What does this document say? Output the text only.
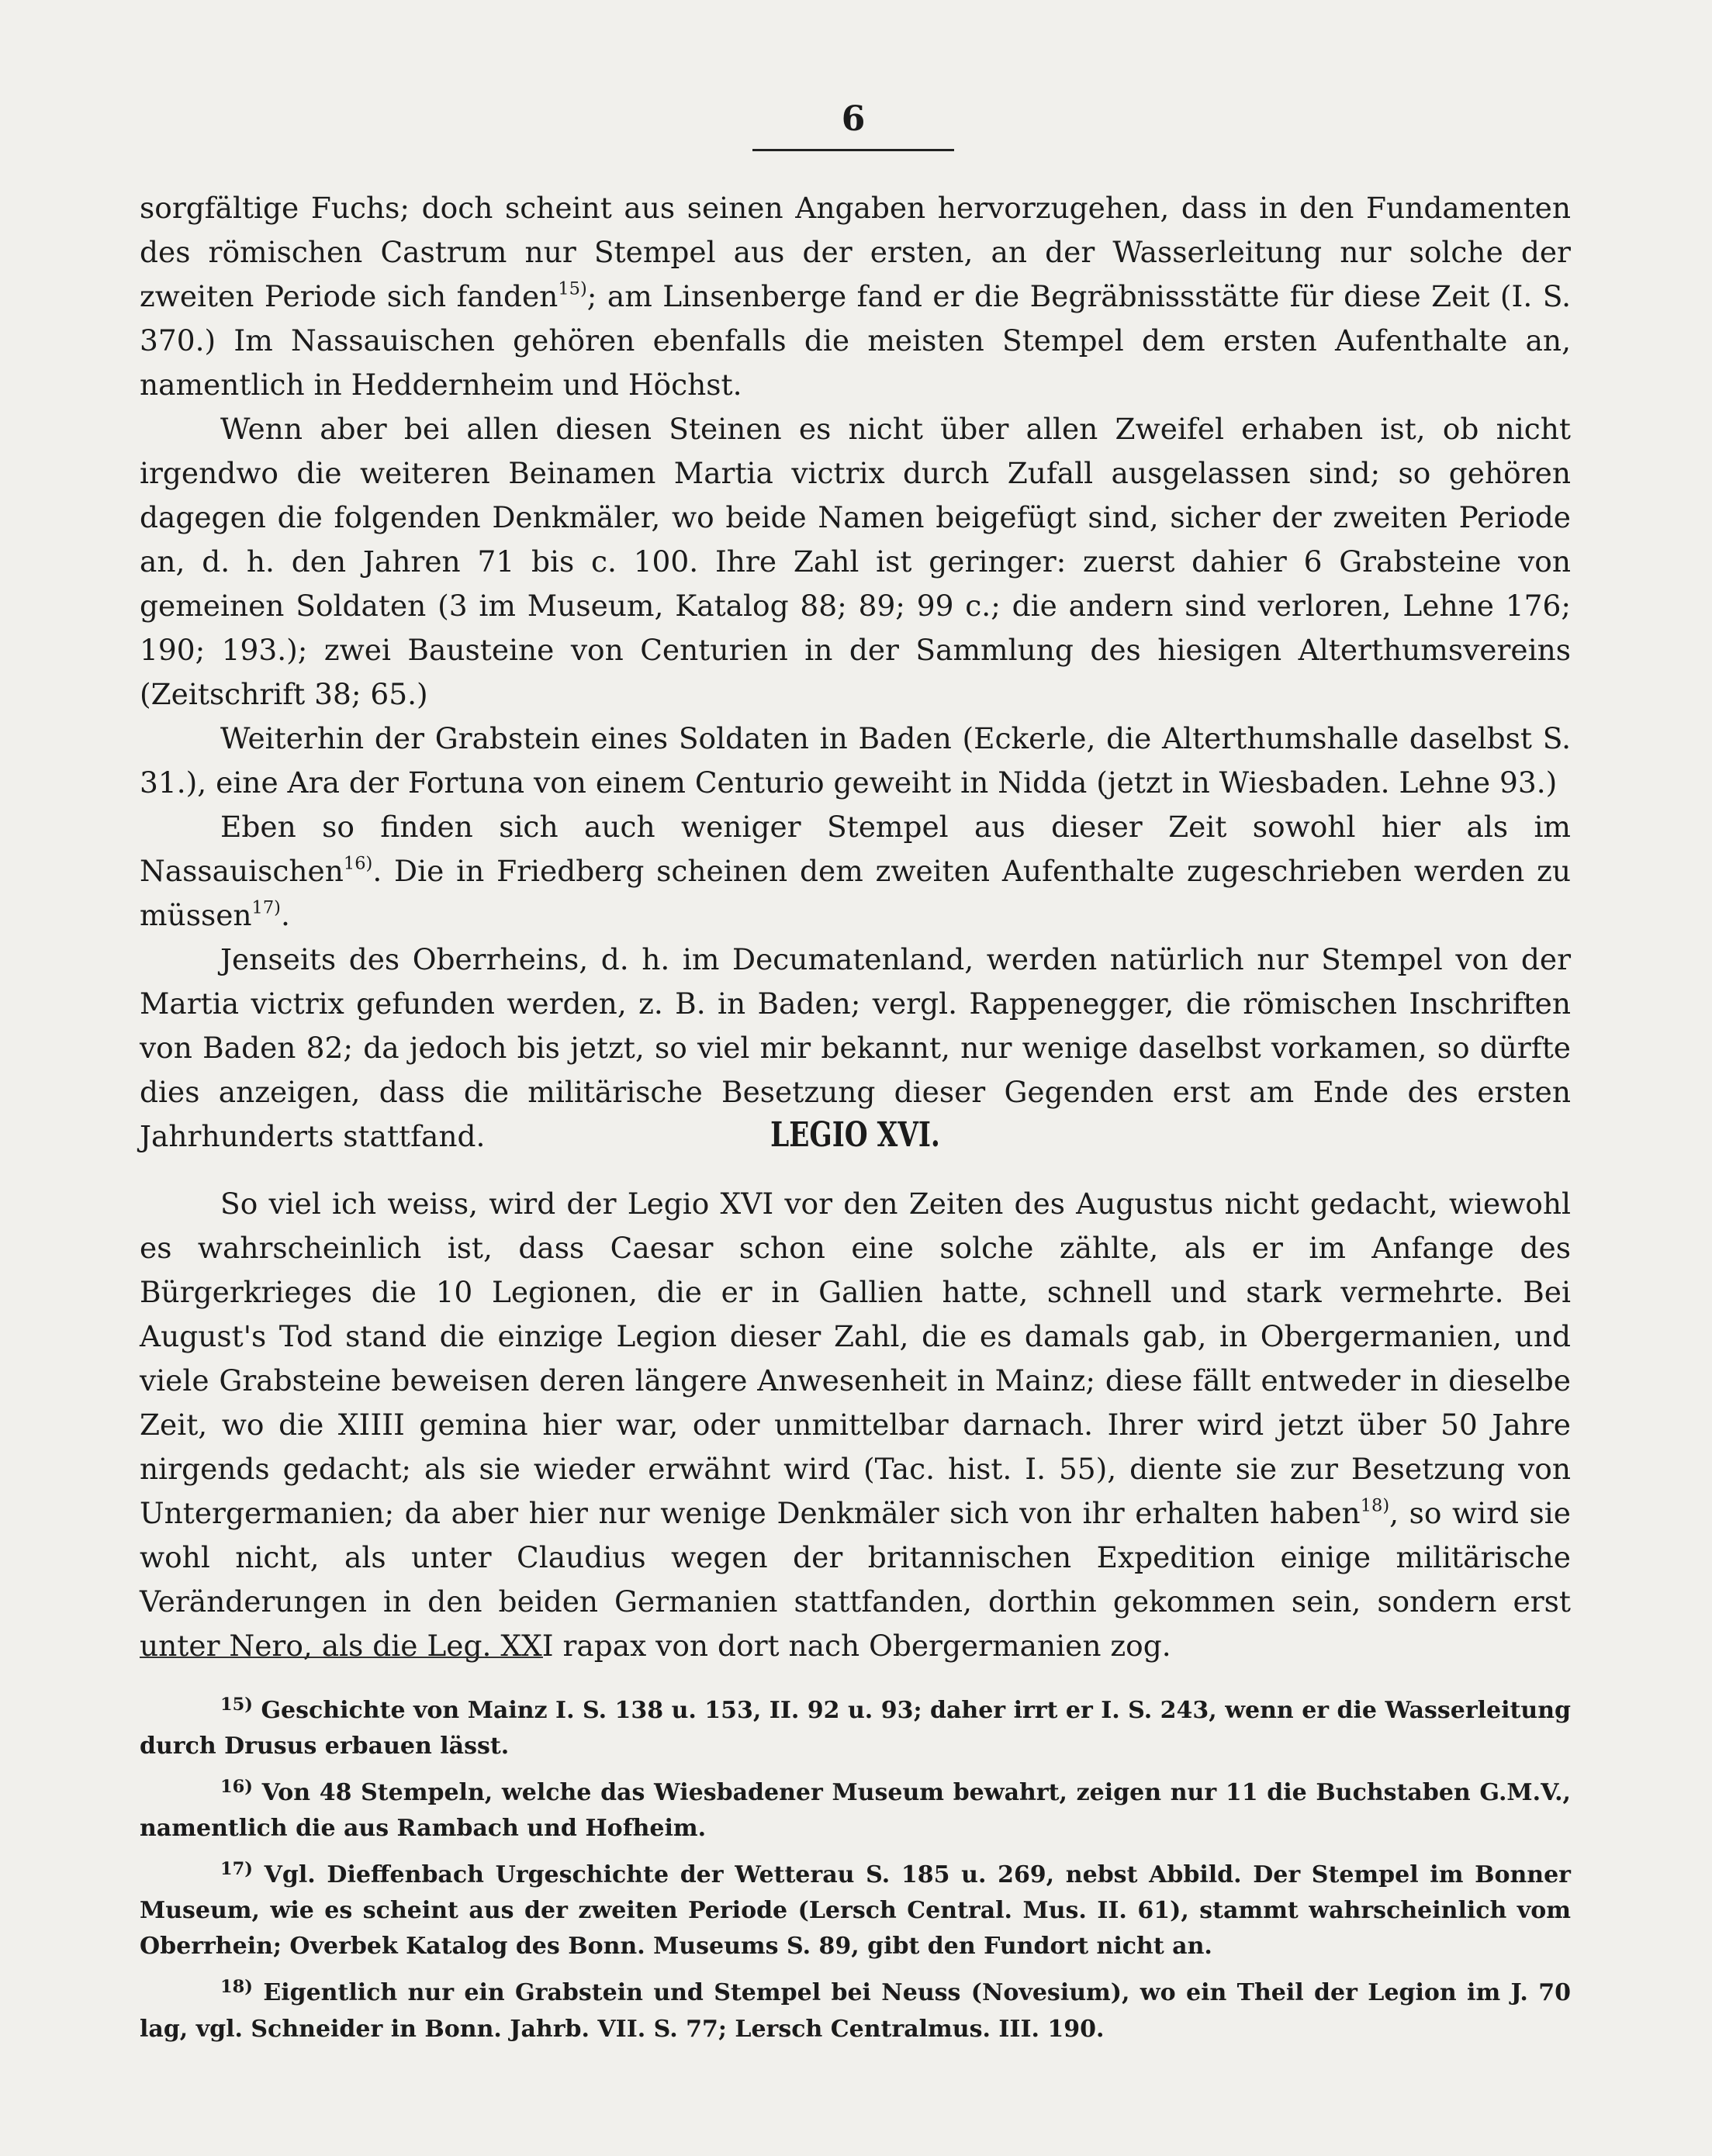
6

sorgfältige Fuchs; doch scheint aus seinen Angaben hervorzugehen, dass in den Fundamenten des römischen Castrum nur Stempel aus der ersten, an der Wasserleitung nur solche der zweiten Periode sich fanden$^{15)}$; am Linsenberge fand er die Begräbnissstätte für diese Zeit (I. S. 370.) Im Nassauischen gehören ebenfalls die meisten Stempel dem ersten Aufenthalte an, namentlich in Heddernheim und Höchst.

Wenn aber bei allen diesen Steinen es nicht über allen Zweifel erhaben ist, ob nicht irgendwo die weiteren Beinamen Martia victrix durch Zufall ausgelassen sind; so gehören dagegen die folgenden Denkmäler, wo beide Namen beigefügt sind, sicher der zweiten Periode an, d. h. den Jahren 71 bis c. 100. Ihre Zahl ist geringer: zuerst dahier 6 Grabsteine von gemeinen Soldaten (3 im Museum, Katalog 88; 89; 99 c.; die andern sind verloren, Lehne 176; 190; 193.); zwei Bausteine von Centurien in der Sammlung des hiesigen Alterthumsvereins (Zeitschrift 38; 65.)

Weiterhin der Grabstein eines Soldaten in Baden (Eckerle, die Alterthumshalle daselbst S. 31.), eine Ara der Fortuna von einem Centurio geweiht in Nidda (jetzt in Wiesbaden. Lehne 93.)

Eben so finden sich auch weniger Stempel aus dieser Zeit sowohl hier als im Nassauischen$^{16)}$. Die in Friedberg scheinen dem zweiten Aufenthalte zugeschrieben werden zu müssen$^{17)}$.

Jenseits des Oberrheins, d. h. im Decumatenland, werden natürlich nur Stempel von der Martia victrix gefunden werden, z. B. in Baden; vergl. Rappenegger, die römischen Inschriften von Baden 82; da jedoch bis jetzt, so viel mir bekannt, nur wenige daselbst vorkamen, so dürfte dies anzeigen, dass die militärische Besetzung dieser Gegenden erst am Ende des ersten Jahrhunderts stattfand.	LEGIO XVI.

So viel ich weiss, wird der Legio XVI vor den Zeiten des Augustus nicht gedacht, wiewohl es wahrscheinlich ist, dass Caesar schon eine solche zählte, als er im Anfange des Bürgerkrieges die 10 Legionen, die er in Gallien hatte, schnell und stark vermehrte. Bei August's Tod stand die einzige Legion dieser Zahl, die es damals gab, in Obergermanien, und viele Grabsteine beweisen deren längere Anwesenheit in Mainz; diese fällt entweder in dieselbe Zeit, wo die XIIII gemina hier war, oder unmittelbar darnach. Ihrer wird jetzt über 50 Jahre nirgends gedacht; als sie wieder erwähnt wird (Tac. hist. I. 55), diente sie zur Besetzung von Untergermanien; da aber hier nur wenige Denkmäler sich von ihr erhalten haben$^{18)}$, so wird sie wohl nicht, als unter Claudius wegen der britannischen Expedition einige militärische Veränderungen in den beiden Germanien stattfanden, dorthin gekommen sein, sondern erst unter Nero, als die Leg. XXI rapax von dort nach Obergermanien zog.

$^{15)}$ Geschichte von Mainz I. S. 138 u. 153, II. 92 u. 93; daher irrt er I. S. 243, wenn er die Wasserleitung durch Drusus erbauen lässt.

$^{16)}$ Von 48 Stempeln, welche das Wiesbadener Museum bewahrt, zeigen nur 11 die Buchstaben G.M.V., namentlich die aus Rambach und Hofheim.

$^{17)}$ Vgl. Dieffenbach Urgeschichte der Wetterau S. 185 u. 269, nebst Abbild. Der Stempel im Bonner Museum, wie es scheint aus der zweiten Periode (Lersch Central. Mus. II. 61), stammt wahrscheinlich vom Oberrhein; Overbek Katalog des Bonn. Museums S. 89, gibt den Fundort nicht an.

$^{18)}$ Eigentlich nur ein Grabstein und Stempel bei Neuss (Novesium), wo ein Theil der Legion im J. 70 lag, vgl. Schneider in Bonn. Jahrb. VII. S. 77; Lersch Centralmus. III. 190.
